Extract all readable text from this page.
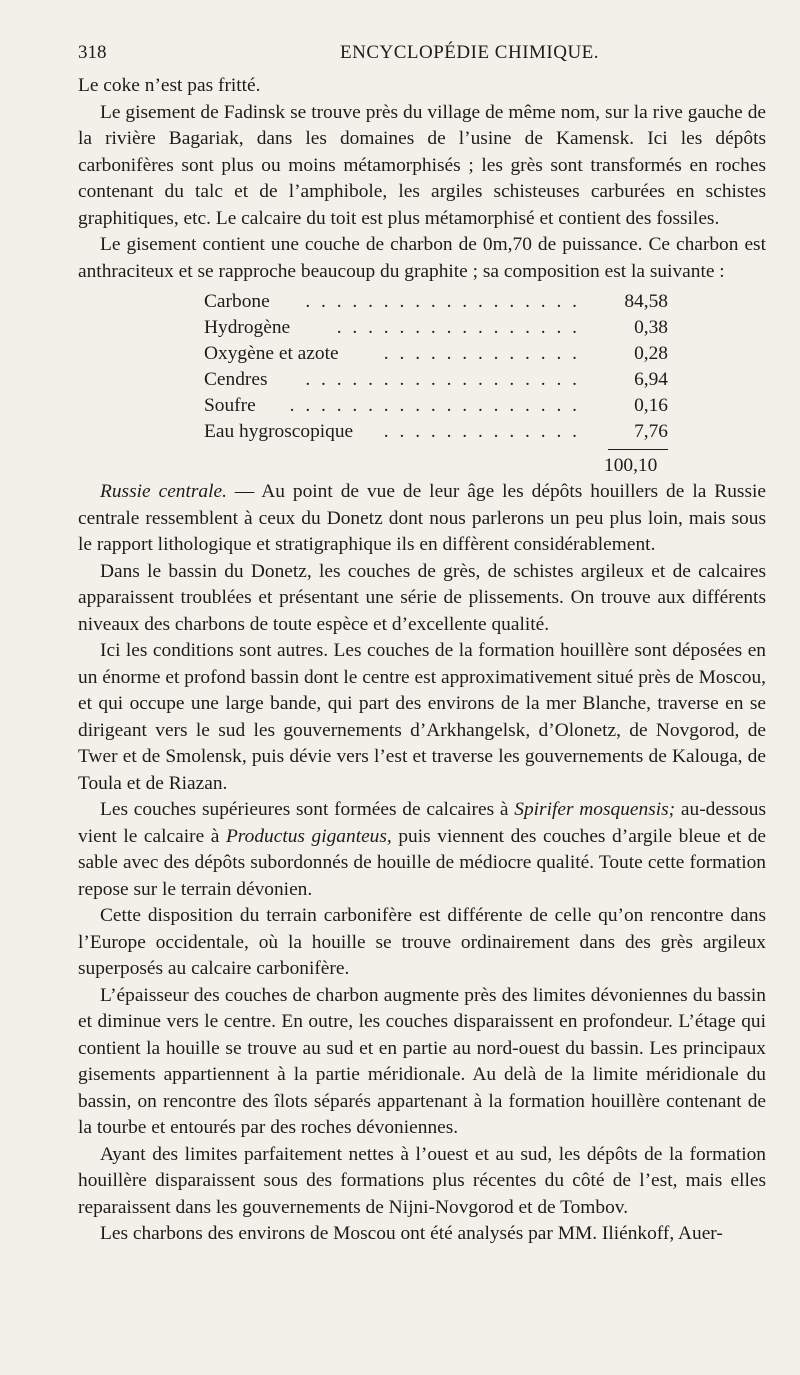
318	ENCYCLOPÉDIE CHIMIQUE.

Le coke n’est pas fritté.

Le gisement de Fadinsk se trouve près du village de même nom, sur la rive gauche de la rivière Bagariak, dans les domaines de l’usine de Kamensk. Ici les dépôts carbonifères sont plus ou moins métamorphisés ; les grès sont transformés en roches contenant du talc et de l’amphibole, les argiles schisteuses carburées en schistes graphitiques, etc. Le calcaire du toit est plus métamorphisé et contient des fossiles.

Le gisement contient une couche de charbon de 0m,70 de puissance. Ce charbon est anthraciteux et se rapproche beaucoup du graphite ; sa composition est la suivante :

Carbone . . . . . . . . . . . . . . . . . . 84,58
Hydrogène . . . . . . . . . . . . . . . .	0,38
Oxygène et azote . . . . . . . . . . . . .	0,28
Cendres . . . . . . . . . . . . . . . . . .	6,94
Soufre . . . . . . . . . . . . . . . . . . .	0,16
Eau hygroscopique . . . . . . . . . . . . .	7,76
100,10

Russie centrale. — Au point de vue de leur âge les dépôts houillers de la Russie centrale ressemblent à ceux du Donetz dont nous parlerons un peu plus loin, mais sous le rapport lithologique et stratigraphique ils en diffèrent considérablement.

Dans le bassin du Donetz, les couches de grès, de schistes argileux et de calcaires apparaissent troublées et présentant une série de plissements. On trouve aux différents niveaux des charbons de toute espèce et d’excellente qualité.

Ici les conditions sont autres. Les couches de la formation houillère sont déposées en un énorme et profond bassin dont le centre est approximativement situé près de Moscou, et qui occupe une large bande, qui part des environs de la mer Blanche, traverse en se dirigeant vers le sud les gouvernements d’Arkhangelsk, d’Olonetz, de Novgorod, de Twer et de Smolensk, puis dévie vers l’est et traverse les gouvernements de Kalouga, de Toula et de Riazan.

Les couches supérieures sont formées de calcaires à Spirifer mosquensis; au-dessous vient le calcaire à Productus giganteus, puis viennent des couches d’argile bleue et de sable avec des dépôts subordonnés de houille de médiocre qualité. Toute cette formation repose sur le terrain dévonien.

Cette disposition du terrain carbonifère est différente de celle qu’on rencontre dans l’Europe occidentale, où la houille se trouve ordinairement dans des grès argileux superposés au calcaire carbonifère.

L’épaisseur des couches de charbon augmente près des limites dévoniennes du bassin et diminue vers le centre. En outre, les couches disparaissent en profondeur. L’étage qui contient la houille se trouve au sud et en partie au nord-ouest du bassin. Les principaux gisements appartiennent à la partie méridionale. Au delà de la limite méridionale du bassin, on rencontre des îlots séparés appartenant à la formation houillère contenant de la tourbe et entourés par des roches dévoniennes.

Ayant des limites parfaitement nettes à l’ouest et au sud, les dépôts de la formation houillère disparaissent sous des formations plus récentes du côté de l’est, mais elles reparaissent dans les gouvernements de Nijni-Novgorod et de Tombov.

Les charbons des environs de Moscou ont été analysés par MM. Iliénkoff, Auer-
